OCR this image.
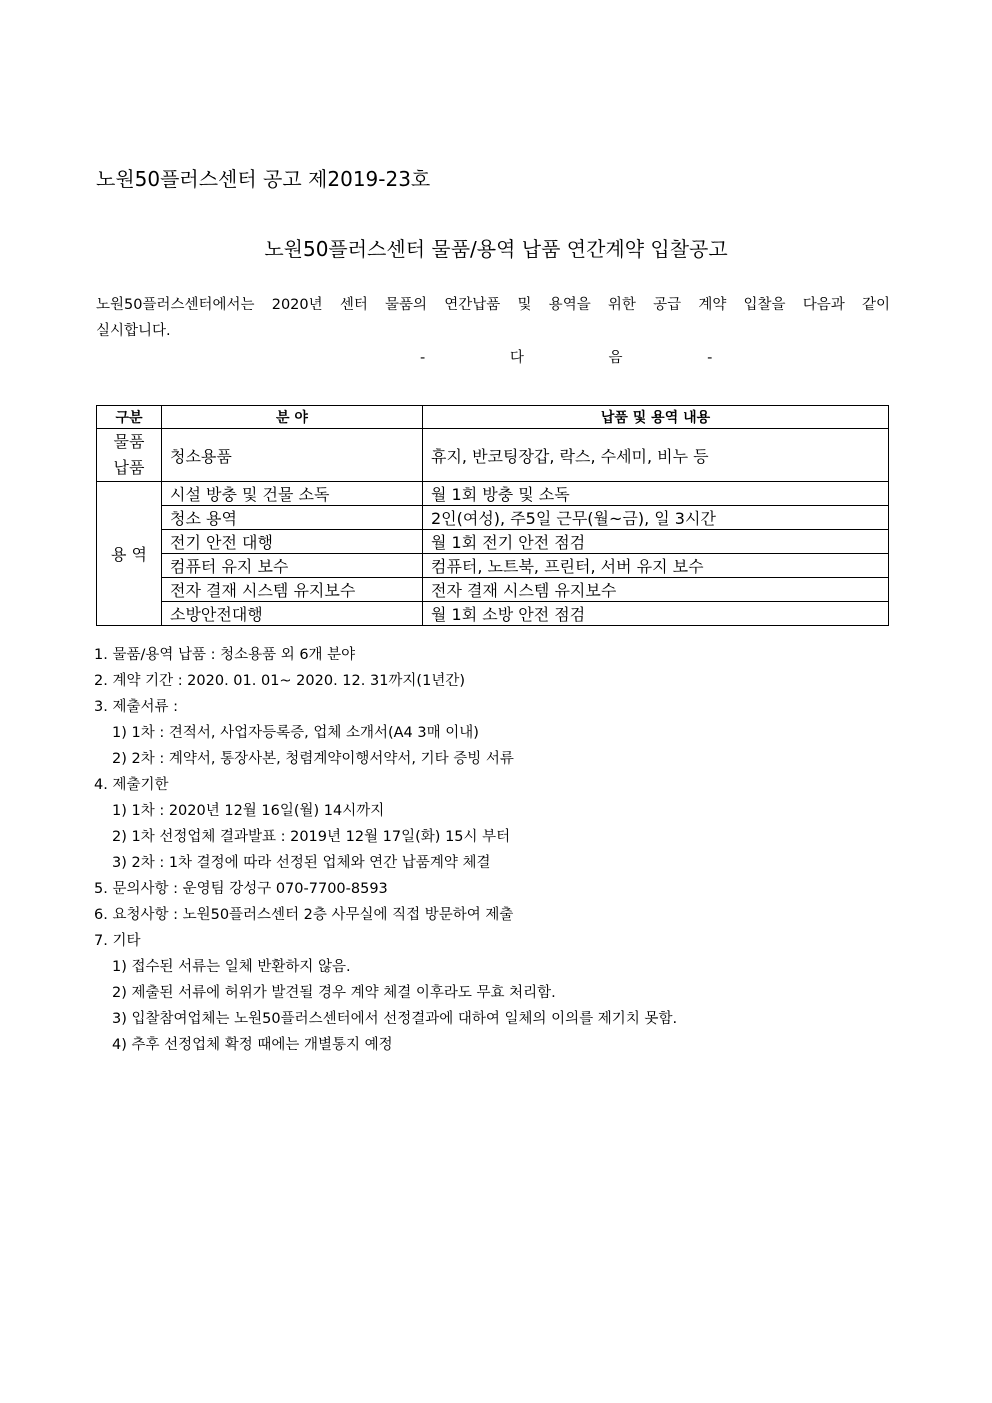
노원50플러스센터 공고 제2019-23호
노원50플러스센터 물품/용역 납품 연간계약 입찰공고
노원50플러스센터에서는 2020년 센터 물품의 연간납품 및 용역을 위한 공급 계약 입찰을 다음과 같이
실시합니다.
- 다 음 -
구분	분 야	납품 및 용역 내용
물품 납품	청소용품	휴지, 반코팅장갑, 락스, 수세미, 비누 등
용 역	시설 방충 및 건물 소독	월 1회 방충 및 소독
	청소 용역	2인(여성), 주5일 근무(월~금), 일 3시간
	전기 안전 대행	월 1회 전기 안전 점검
	컴퓨터 유지 보수	컴퓨터, 노트북, 프린터, 서버 유지 보수
	전자 결재 시스템 유지보수	전자 결재 시스템 유지보수
	소방안전대행	월 1회 소방 안전 점검
1. 물품/용역 납품 : 청소용품 외 6개 분야
2. 계약 기간 : 2020. 01. 01~ 2020. 12. 31까지(1년간)
3. 제출서류 :
1) 1차 : 견적서, 사업자등록증, 업체 소개서(A4 3매 이내)
2) 2차 : 계약서, 통장사본, 청렴계약이행서약서, 기타 증빙 서류
4. 제출기한
1) 1차 : 2020년 12월 16일(월) 14시까지
2) 1차 선정업체 결과발표 : 2019년 12월 17일(화) 15시 부터
3) 2차 : 1차 결정에 따라 선정된 업체와 연간 납품계약 체결
5. 문의사항 : 운영팀 강성구 070-7700-8593
6. 요청사항 : 노원50플러스센터 2층 사무실에 직접 방문하여 제출
7. 기타
1) 접수된 서류는 일체 반환하지 않음.
2) 제출된 서류에 허위가 발견될 경우 계약 체결 이후라도 무효 처리함.
3) 입찰참여업체는 노원50플러스센터에서 선정결과에 대하여 일체의 이의를 제기치 못함.
4) 추후 선정업체 확정 때에는 개별통지 예정
